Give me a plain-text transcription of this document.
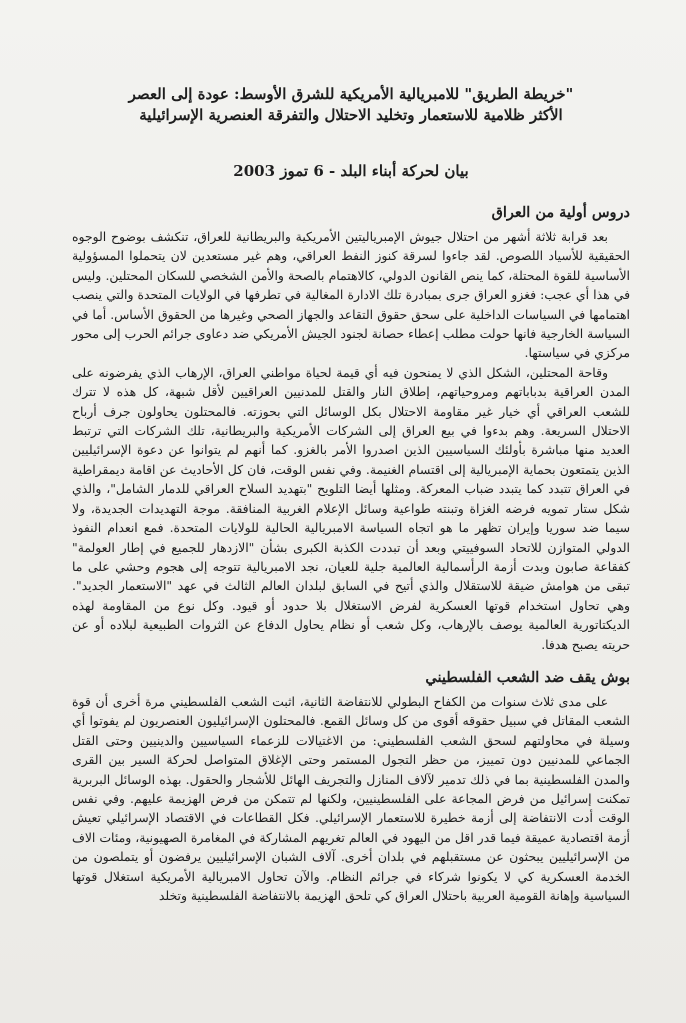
"خريطة الطريق" للامبريالية الأمريكية للشرق الأوسط: عودة إلى العصر
الأكثر ظلامية للاستعمار وتخليد الاحتلال والتفرقة العنصرية الإسرائيلية

بيان لحركة أبناء البلد - 6 تموز 2003

دروس أولية من العراق

بعد قرابة ثلاثة أشهر من احتلال جيوش الإمبرياليتين الأمريكية والبريطانية للعراق، تنكشف بوضوح الوجوه الحقيقية للأسياد اللصوص. لقد جاءوا لسرقة كنوز النفط العراقي، وهم غير مستعدين لان يتحملوا المسؤولية الأساسية للقوة المحتلة، كما ينص القانون الدولي، كالاهتمام بالصحة والأمن الشخصي للسكان المحتلين. وليس في هذا أي عجب: فغزو العراق جرى بمبادرة تلك الادارة المغالية في تطرفها في الولايات المتحدة والتي ينصب اهتمامها في السياسات الداخلية على سحق حقوق التقاعد والجهاز الصحي وغيرها من الحقوق الأساس. أما في السياسة الخارجية فانها حولت مطلب إعطاء حصانة لجنود الجيش الأمريكي ضد دعاوى جرائم الحرب إلى محور مركزي في سياستها.

وقاحة المحتلين، الشكل الذي لا يمنحون فيه أي قيمة لحياة مواطني العراق، الإرهاب الذي يفرضونه على المدن العراقية بدباباتهم ومروحياتهم، إطلاق النار والقتل للمدنيين العراقيين لأقل شبهة، كل هذه لا تترك للشعب العراقي أي خيار غير مقاومة الاحتلال بكل الوسائل التي بحوزته. فالمحتلون يحاولون جرف أرباح الاحتلال السريعة. وهم بدءوا في بيع العراق إلى الشركات الأمريكية والبريطانية، تلك الشركات التي ترتبط العديد منها مباشرة بأولئك السياسيين الذين اصدروا الأمر بالغزو. كما أنهم لم يتوانوا عن دعوة الإسرائيليين الذين يتمتعون بحماية الإمبريالية إلى اقتسام الغنيمة. وفي نفس الوقت، فان كل الأحاديث عن اقامة ديمقراطية في العراق تتبدد كما يتبدد ضباب المعركة. ومثلها أيضا التلويح "بتهديد السلاح العراقي للدمار الشامل"، والذي شكل ستار تمويه فرضه الغزاة وتبنته طواعية وسائل الإعلام الغربية المنافقة. موجة التهديدات الجديدة، ولا سيما ضد سوريا وإيران تظهر ما هو اتجاه السياسة الامبريالية الحالية للولايات المتحدة. فمع انعدام النفوذ الدولي المتوازن للاتحاد السوفييتي وبعد أن تبددت الكذبة الكبرى بشأن "الازدهار للجميع في إطار العولمة" كفقاعة صابون وبدت أزمة الرأسمالية العالمية جلية للعيان، نجد الامبريالية تتوجه إلى هجوم وحشي على ما تبقى من هوامش ضيقة للاستقلال والذي أتيح في السابق لبلدان العالم الثالث في عهد "الاستعمار الجديد". وهي تحاول استخدام قوتها العسكرية لفرض الاستغلال بلا حدود أو قيود. وكل نوع من المقاومة لهذه الديكتاتورية العالمية يوصف بالإرهاب، وكل شعب أو نظام يحاول الدفاع عن الثروات الطبيعية لبلاده أو عن حريته يصبح هدفا.

بوش يقف ضد الشعب الفلسطيني

على مدى ثلاث سنوات من الكفاح البطولي للانتفاضة الثانية، اثبت الشعب الفلسطيني مرة أخرى أن قوة الشعب المقاتل في سبيل حقوقه أقوى من كل وسائل القمع. فالمحتلون الإسرائيليون العنصريون لم يفوتوا أي وسيلة في محاولتهم لسحق الشعب الفلسطيني: من الاغتيالات للزعماء السياسيين والدينيين وحتى القتل الجماعي للمدنيين دون تمييز، من حظر التجول المستمر وحتى الإغلاق المتواصل لحركة السير بين القرى والمدن الفلسطينية بما في ذلك تدمير لآلاف المنازل والتجريف الهائل للأشجار والحقول. بهذه الوسائل البربرية تمكنت إسرائيل من فرض المجاعة على الفلسطينيين، ولكنها لم تتمكن من فرض الهزيمة عليهم. وفي نفس الوقت أدت الانتفاضة إلى أزمة خطيرة للاستعمار الإسرائيلي. فكل القطاعات في الاقتصاد الإسرائيلي تعيش أزمة اقتصادية عميقة فيما قدر اقل من اليهود في العالم تغريهم المشاركة في المغامرة الصهيونية، ومئات الاف من الإسرائيليين يبحثون عن مستقبلهم في بلدان أخرى. آلاف الشبان الإسرائيليين يرفضون أو يتملصون من الخدمة العسكرية كي لا يكونوا شركاء في جرائم النظام. والآن تحاول الامبريالية الأمريكية استغلال قوتها السياسية وإهانة القومية العربية باحتلال العراق كي تلحق الهزيمة بالانتفاضة الفلسطينية وتخلد
